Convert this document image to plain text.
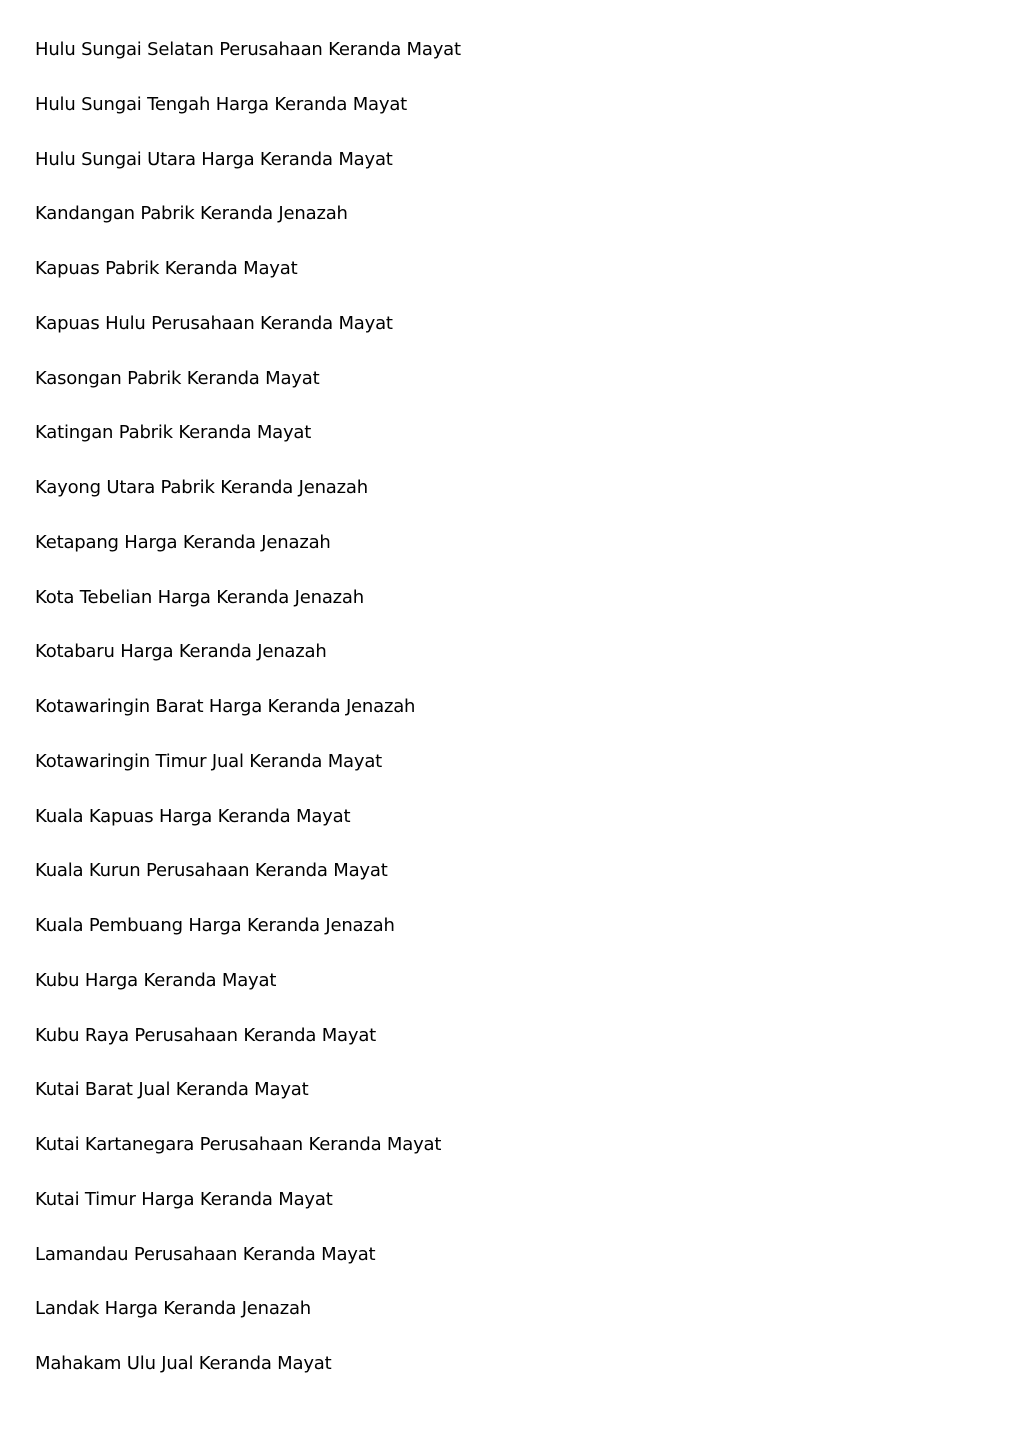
Hulu Sungai Selatan Perusahaan Keranda Mayat
Hulu Sungai Tengah Harga Keranda Mayat
Hulu Sungai Utara Harga Keranda Mayat
Kandangan Pabrik Keranda Jenazah
Kapuas Pabrik Keranda Mayat
Kapuas Hulu Perusahaan Keranda Mayat
Kasongan Pabrik Keranda Mayat
Katingan Pabrik Keranda Mayat
Kayong Utara Pabrik Keranda Jenazah
Ketapang Harga Keranda Jenazah
Kota Tebelian Harga Keranda Jenazah
Kotabaru Harga Keranda Jenazah
Kotawaringin Barat Harga Keranda Jenazah
Kotawaringin Timur Jual Keranda Mayat
Kuala Kapuas Harga Keranda Mayat
Kuala Kurun Perusahaan Keranda Mayat
Kuala Pembuang Harga Keranda Jenazah
Kubu Harga Keranda Mayat
Kubu Raya Perusahaan Keranda Mayat
Kutai Barat Jual Keranda Mayat
Kutai Kartanegara Perusahaan Keranda Mayat
Kutai Timur Harga Keranda Mayat
Lamandau Perusahaan Keranda Mayat
Landak Harga Keranda Jenazah
Mahakam Ulu Jual Keranda Mayat
